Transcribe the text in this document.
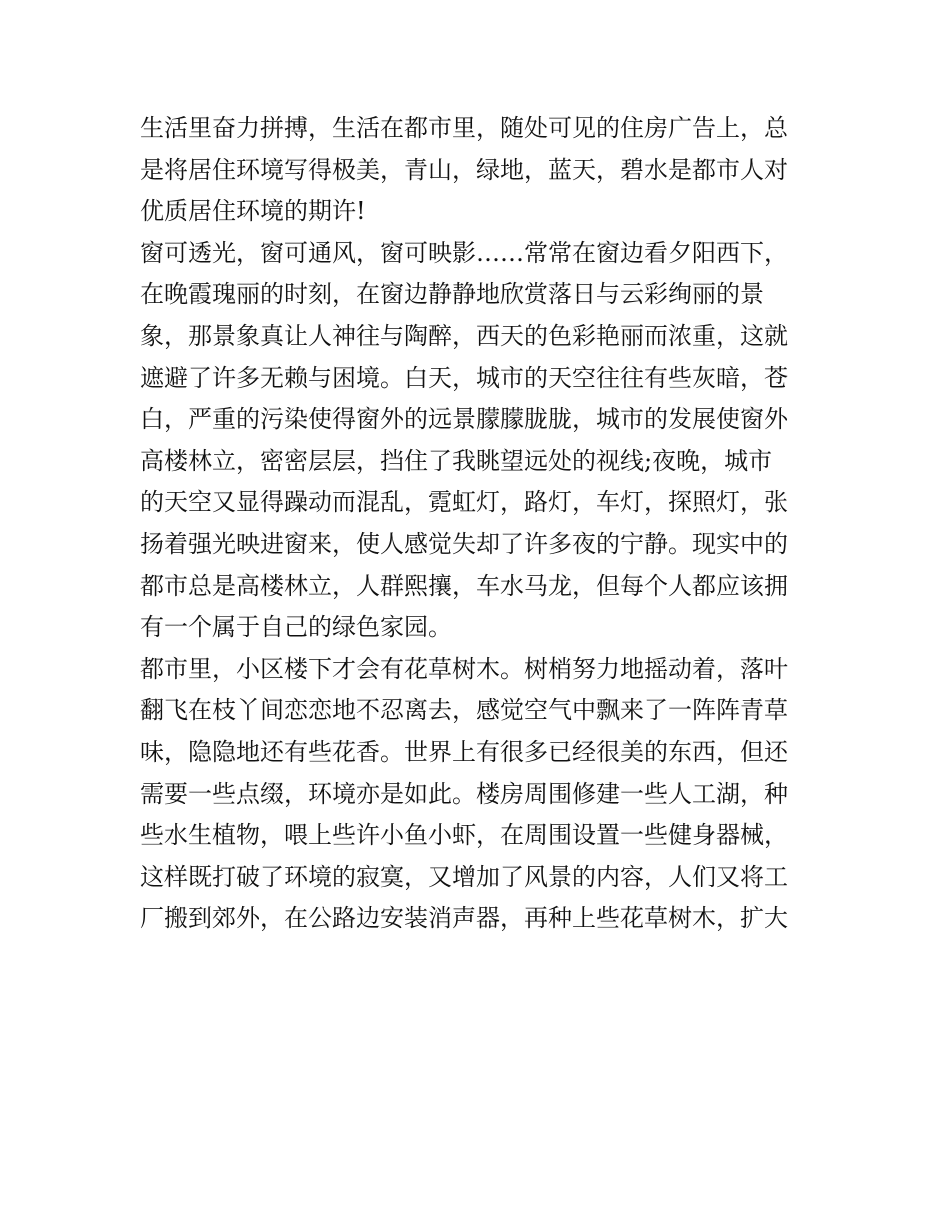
生活里奋力拼搏，生活在都市里，随处可见的住房广告上，总
是将居住环境写得极美，青山，绿地，蓝天，碧水是都市人对
优质居住环境的期许!
窗可透光，窗可通风，窗可映影……常常在窗边看夕阳西下，
在晚霞瑰丽的时刻，在窗边静静地欣赏落日与云彩绚丽的景
象，那景象真让人神往与陶醉，西天的色彩艳丽而浓重，这就
遮避了许多无赖与困境。白天，城市的天空往往有些灰暗，苍
白，严重的污染使得窗外的远景朦朦胧胧，城市的发展使窗外
高楼林立，密密层层，挡住了我眺望远处的视线;夜晚，城市
的天空又显得躁动而混乱，霓虹灯，路灯，车灯，探照灯，张
扬着强光映进窗来，使人感觉失却了许多夜的宁静。现实中的
都市总是高楼林立，人群熙攘，车水马龙，但每个人都应该拥
有一个属于自己的绿色家园。
都市里，小区楼下才会有花草树木。树梢努力地摇动着，落叶
翻飞在枝丫间恋恋地不忍离去，感觉空气中飘来了一阵阵青草
味，隐隐地还有些花香。世界上有很多已经很美的东西，但还
需要一些点缀，环境亦是如此。楼房周围修建一些人工湖，种
些水生植物，喂上些许小鱼小虾，在周围设置一些健身器械，
这样既打破了环境的寂寞，又增加了风景的内容，人们又将工
厂搬到郊外，在公路边安装消声器，再种上些花草树木，扩大
